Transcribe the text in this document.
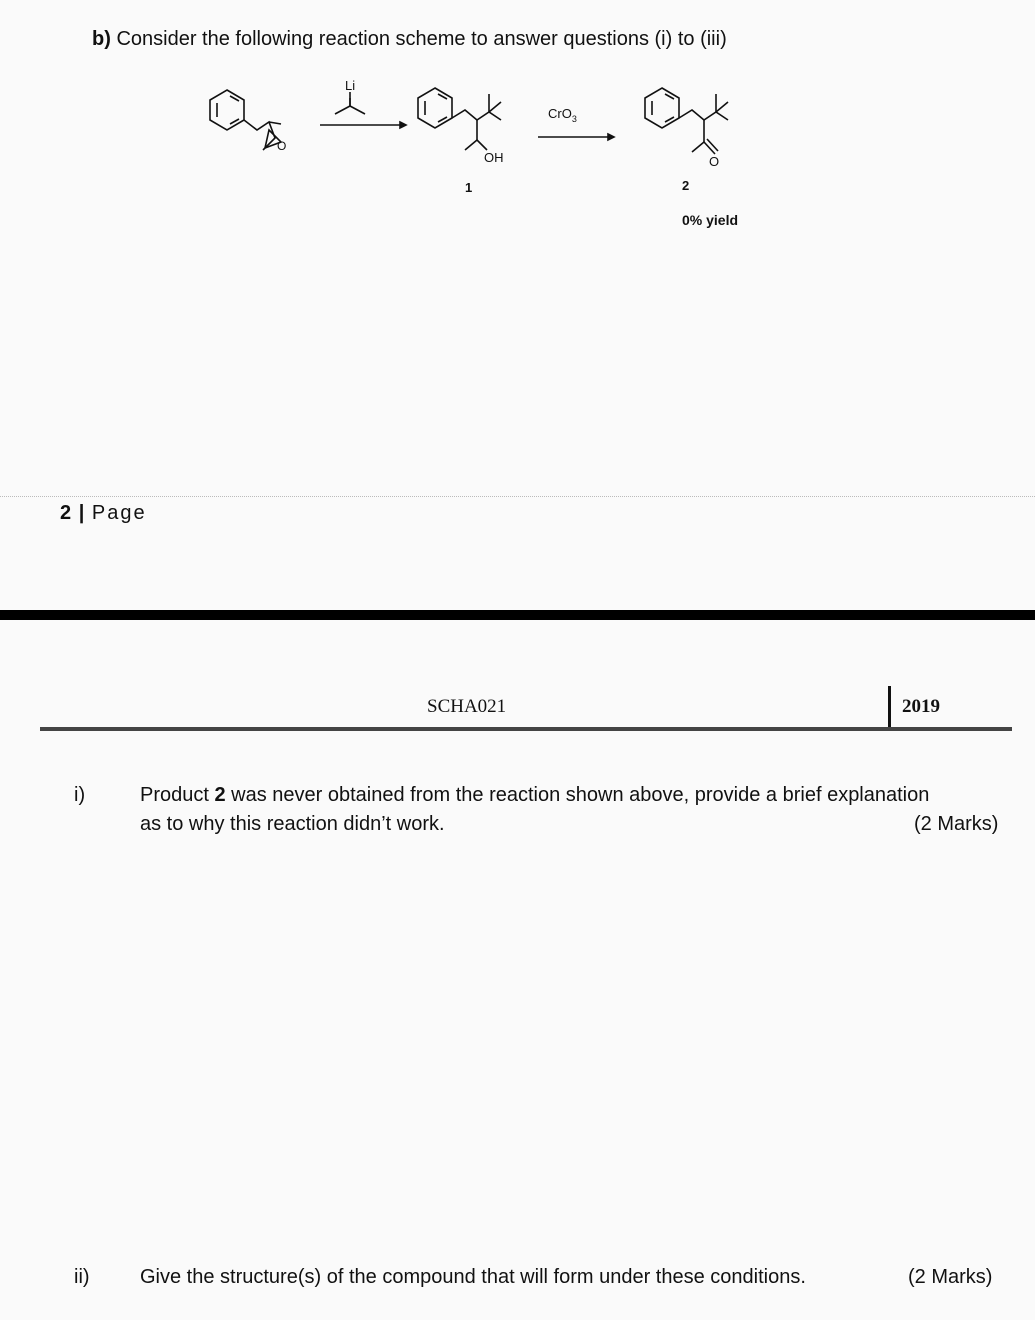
b) Consider the following reaction scheme to answer questions (i) to (iii)
Li
O
OH
CrO$_3$
O
1	2
0% yield
2 | Page
SCHA021	2019
i)	Product 2 was never obtained from the reaction shown above, provide a brief explanation
as to why this reaction didn’t work.	(2 Marks)
ii)	Give the structure(s) of the compound that will form under these conditions.	(2 Marks)
